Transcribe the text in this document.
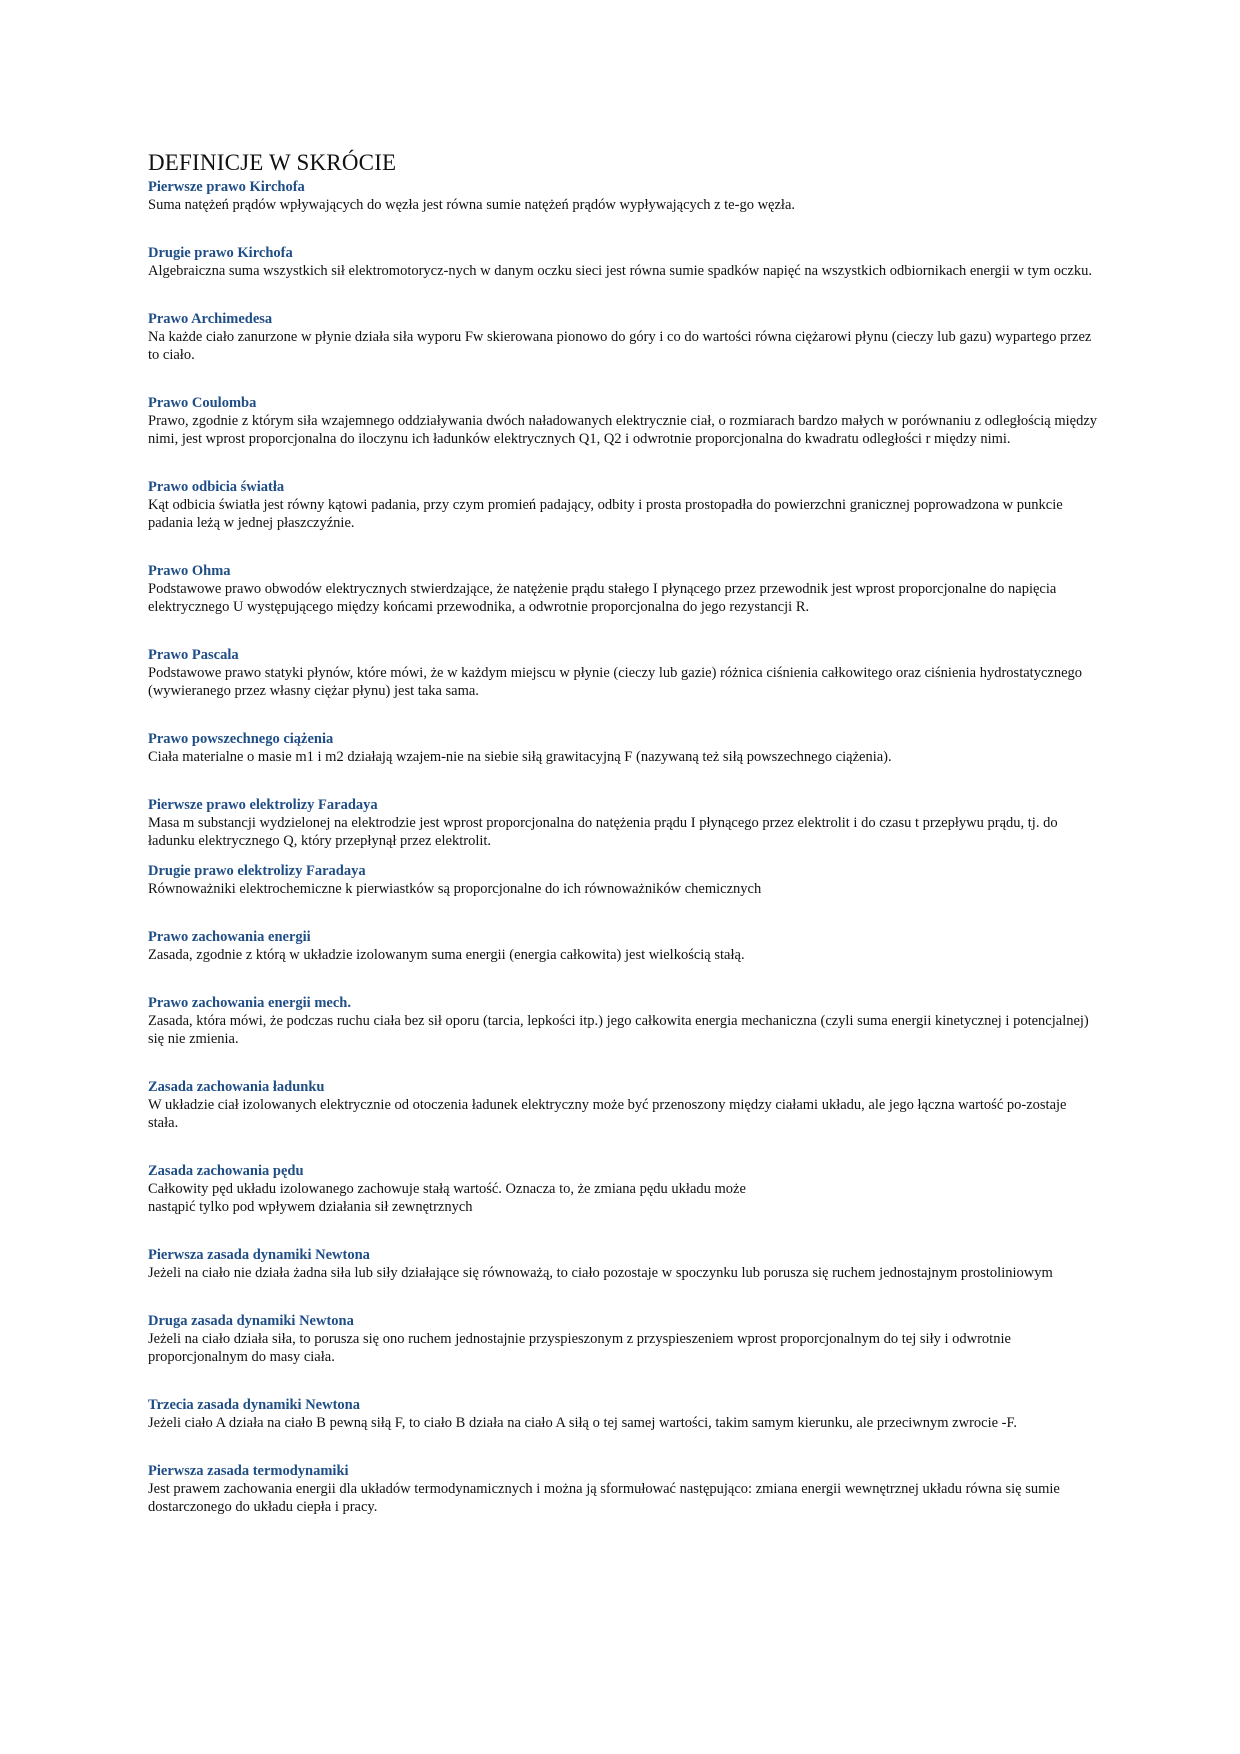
DEFINICJE W SKRÓCIE
Pierwsze prawo Kirchofa
Suma natężeń prądów wpływających do węzła jest równa sumie natężeń prądów wypływających z te-go węzła.
Drugie prawo Kirchofa
Algebraiczna suma wszystkich sił elektromotorycz-nych w danym oczku sieci jest równa sumie spadków napięć na wszystkich odbiornikach energii w tym oczku.
Prawo Archimedesa
Na każde ciało zanurzone w płynie działa siła wyporu Fw skierowana pionowo do góry i co do wartości równa ciężarowi płynu (cieczy lub gazu) wypartego przez to ciało.
Prawo Coulomba
Prawo, zgodnie z którym siła wzajemnego oddziaływania dwóch naładowanych elektrycznie ciał, o rozmiarach bardzo małych w porównaniu z odległością między nimi, jest wprost proporcjonalna do iloczynu ich ładunków elektrycznych Q1, Q2 i odwrotnie proporcjonalna do kwadratu odległości r między nimi.
Prawo odbicia światła
Kąt odbicia światła jest równy kątowi padania, przy czym promień padający, odbity i prosta prostopadła do powierzchni granicznej poprowadzona w punkcie padania leżą w jednej płaszczyźnie.
Prawo Ohma
Podstawowe prawo obwodów elektrycznych stwierdzające, że natężenie prądu stałego I płynącego przez przewodnik jest wprost proporcjonalne do napięcia elektrycznego U występującego między końcami przewodnika, a odwrotnie proporcjonalna do jego rezystancji R.
Prawo Pascala
Podstawowe prawo statyki płynów, które mówi, że w każdym miejscu w płynie (cieczy lub gazie) różnica ciśnienia całkowitego oraz ciśnienia hydrostatycznego (wywieranego przez własny ciężar płynu) jest taka sama.
Prawo powszechnego ciążenia
Ciała materialne o masie m1 i m2 działają wzajem-nie na siebie siłą grawitacyjną F (nazywaną też siłą powszechnego ciążenia).
Pierwsze prawo elektrolizy Faradaya
Masa m substancji wydzielonej na elektrodzie jest wprost proporcjonalna do natężenia prądu I płynącego przez elektrolit i do czasu t przepływu prądu, tj. do ładunku elektrycznego Q, który przepłynął przez elektrolit.
Drugie prawo elektrolizy Faradaya
Równoważniki elektrochemiczne k pierwiastków są proporcjonalne do ich równoważników chemicznych
Prawo zachowania energii
Zasada, zgodnie z którą w układzie izolowanym suma energii (energia całkowita) jest wielkością stałą.
Prawo zachowania energii mech.
Zasada, która mówi, że podczas ruchu ciała bez sił oporu (tarcia, lepkości itp.) jego całkowita energia mechaniczna (czyli suma energii kinetycznej i potencjalnej) się nie zmienia.
Zasada zachowania ładunku
W układzie ciał izolowanych elektrycznie od otoczenia ładunek elektryczny może być przenoszony między ciałami układu, ale jego łączna wartość po-zostaje stała.
Zasada zachowania pędu
Całkowity pęd układu izolowanego zachowuje stałą wartość. Oznacza to, że zmiana pędu układu może
nastąpić tylko pod wpływem działania sił zewnętrznych
Pierwsza zasada dynamiki Newtona
Jeżeli na ciało nie działa żadna siła lub siły działające się równoważą, to ciało pozostaje w spoczynku lub porusza się ruchem jednostajnym prostoliniowym
Druga zasada dynamiki Newtona
Jeżeli na ciało działa siła, to porusza się ono ruchem jednostajnie przyspieszonym z przyspieszeniem wprost proporcjonalnym do tej siły i odwrotnie proporcjonalnym do masy ciała.
Trzecia zasada dynamiki Newtona
Jeżeli ciało A działa na ciało B pewną siłą F, to ciało B działa na ciało A siłą o tej samej wartości, takim samym kierunku, ale przeciwnym zwrocie -F.
Pierwsza zasada termodynamiki
Jest prawem zachowania energii dla układów termodynamicznych i można ją sformułować następująco: zmiana energii wewnętrznej układu równa się sumie dostarczonego do układu ciepła i pracy.
